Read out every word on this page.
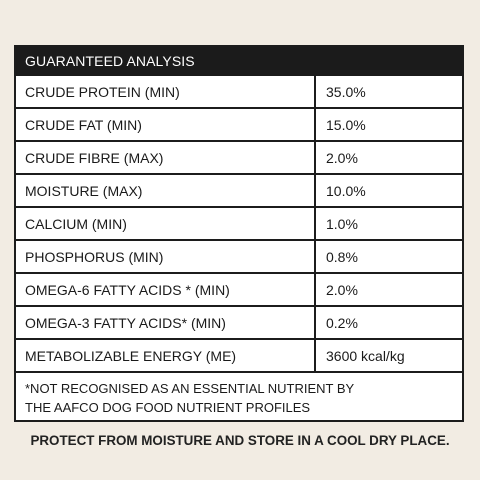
GUARANTEED ANALYSIS
CRUDE PROTEIN (MIN)	35.0%
CRUDE FAT (MIN)	15.0%
CRUDE FIBRE (MAX)	2.0%
MOISTURE (MAX)	10.0%
CALCIUM (MIN)	1.0%
PHOSPHORUS (MIN)	0.8%
OMEGA-6 FATTY ACIDS * (MIN)	2.0%
OMEGA-3 FATTY ACIDS* (MIN)	0.2%
METABOLIZABLE ENERGY (ME)	3600 kcal/kg
*NOT RECOGNISED AS AN ESSENTIAL NUTRIENT BY
THE AAFCO DOG FOOD NUTRIENT PROFILES
PROTECT FROM MOISTURE AND STORE IN A COOL DRY PLACE.
